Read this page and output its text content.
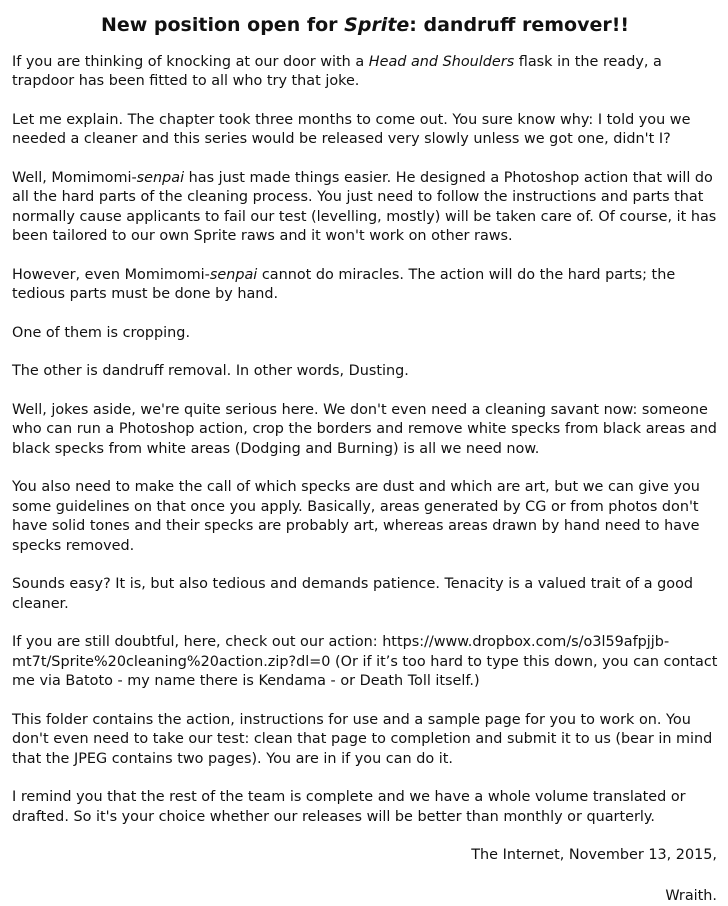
New position open for Sprite: dandruff remover!!

If you are thinking of knocking at our door with a Head and Shoulders flask in the ready, a trapdoor has been fitted to all who try that joke.

Let me explain. The chapter took three months to come out. You sure know why: I told you we needed a cleaner and this series would be released very slowly unless we got one, didn't I?

Well, Momimomi-senpai has just made things easier. He designed a Photoshop action that will do all the hard parts of the cleaning process. You just need to follow the instructions and parts that normally cause applicants to fail our test (levelling, mostly) will be taken care of. Of course, it has been tailored to our own Sprite raws and it won't work on other raws.

However, even Momimomi-senpai cannot do miracles. The action will do the hard parts; the tedious parts must be done by hand.

One of them is cropping.

The other is dandruff removal. In other words, Dusting.

Well, jokes aside, we're quite serious here. We don't even need a cleaning savant now: someone who can run a Photoshop action, crop the borders and remove white specks from black areas and black specks from white areas (Dodging and Burning) is all we need now.

You also need to make the call of which specks are dust and which are art, but we can give you some guidelines on that once you apply. Basically, areas generated by CG or from photos don't have solid tones and their specks are probably art, whereas areas drawn by hand need to have specks removed.

Sounds easy? It is, but also tedious and demands patience. Tenacity is a valued trait of a good cleaner.

If you are still doubtful, here, check out our action: https://www.dropbox.com/s/o3l59afpjjb-mt7t/Sprite%20cleaning%20action.zip?dl=0 (Or if it’s too hard to type this down, you can contact me via Batoto - my name there is Kendama - or Death Toll itself.)

This folder contains the action, instructions for use and a sample page for you to work on. You don't even need to take our test: clean that page to completion and submit it to us (bear in mind that the JPEG contains two pages). You are in if you can do it.

I remind you that the rest of the team is complete and we have a whole volume translated or drafted. So it's your choice whether our releases will be better than monthly or quarterly.

The Internet, November 13, 2015,

Wraith.
